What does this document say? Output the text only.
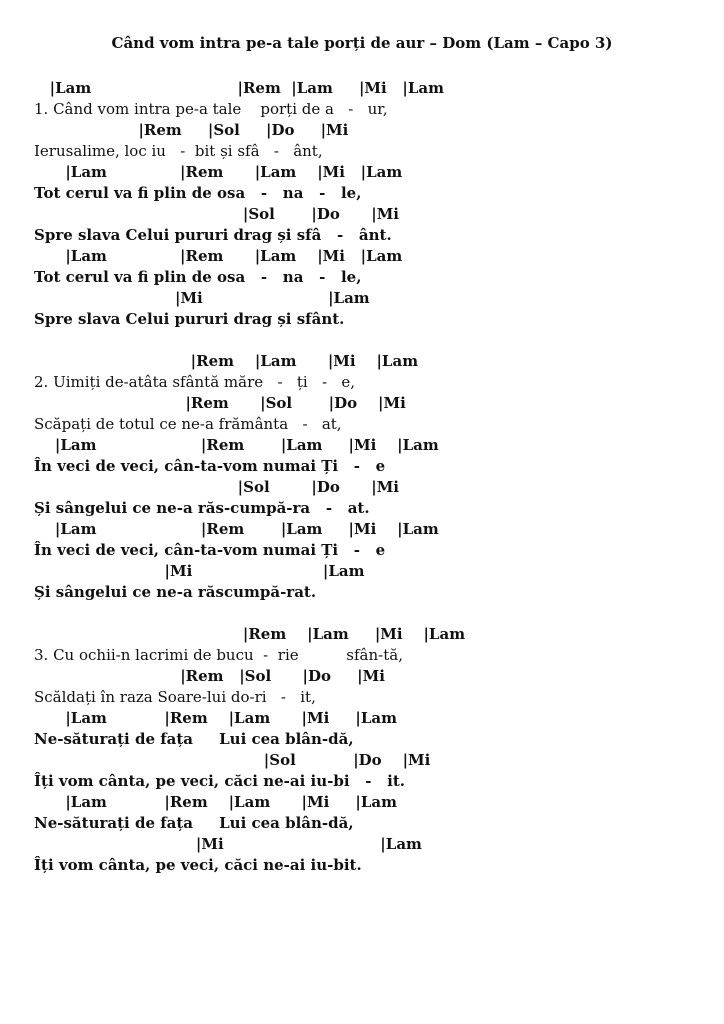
Când vom intra pe-a tale porți de aur – Dom (Lam – Capo 3)
|Lam                            |Rem  |Lam     |Mi   |Lam
1. Când vom intra pe-a tale    porți de a   -   ur,
|Rem     |Sol     |Do     |Mi
Ierusalime, loc iu   -  bit și sfâ   -   ânt,
|Lam              |Rem      |Lam    |Mi   |Lam
Tot cerul va fi plin de osa   -   na   -   le,
|Sol       |Do      |Mi
Spre slava Celui pururi drag și sfâ   -   ânt.
|Lam              |Rem      |Lam    |Mi   |Lam
Tot cerul va fi plin de osa   -   na   -   le,
|Mi                        |Lam
Spre slava Celui pururi drag și sfânt.
|Rem    |Lam      |Mi    |Lam
2. Uimiți de-atâta sfântă măre   -   ți   -   e,
|Rem      |Sol       |Do    |Mi
Scăpați de totul ce ne-a frământa   -   at,
|Lam                    |Rem       |Lam     |Mi    |Lam
În veci de veci, cân-ta-vom numai Ți   -   e
|Sol        |Do      |Mi
Și sângelui ce ne-a răs-cumpă-ra   -   at.
|Lam                    |Rem       |Lam     |Mi    |Lam
În veci de veci, cân-ta-vom numai Ți   -   e
|Mi                         |Lam
Și sângelui ce ne-a răscumpă-rat.
|Rem    |Lam     |Mi    |Lam
3. Cu ochii-n lacrimi de bucu  -  rie          sfân-tă,
|Rem   |Sol      |Do     |Mi
Scăldați în raza Soare-lui do-ri   -   it,
|Lam           |Rem    |Lam      |Mi     |Lam
Ne-săturați de fața     Lui cea blân-dă,
|Sol           |Do    |Mi
Îți vom cânta, pe veci, căci ne-ai iu-bi   -   it.
|Lam           |Rem    |Lam      |Mi     |Lam
Ne-săturați de fața     Lui cea blân-dă,
|Mi                              |Lam
Îți vom cânta, pe veci, căci ne-ai iu-bit.
